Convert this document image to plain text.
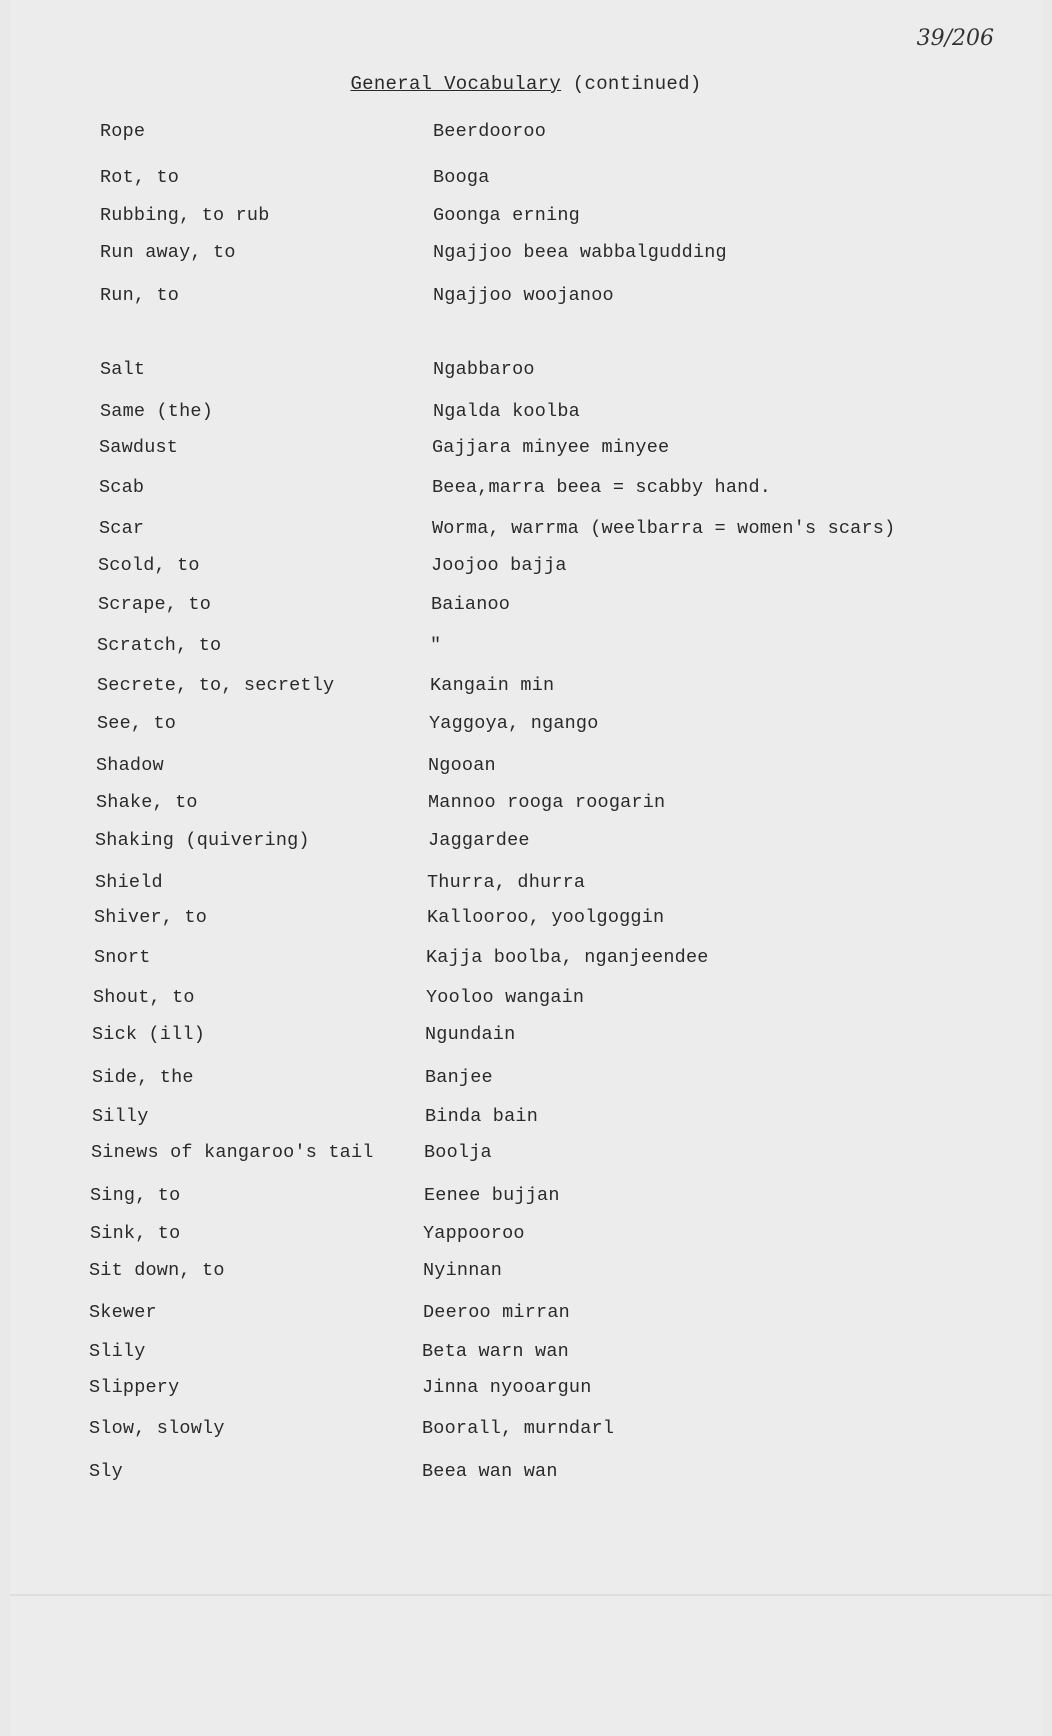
39/206
General Vocabulary (continued)
Rope	Beerdooroo
Rot, to	Booga
Rubbing, to rub	Goonga erning
Run away, to	Ngajjoo beea wabbalgudding
Run, to	Ngajjoo woojanoo
Salt	Ngabbaroo
Same (the)	Ngalda koolba
Sawdust	Gajjara minyee minyee
Scab	Beea,marra beea = scabby hand.
Scar	Worma, warrma (weelbarra = women's scars)
Scold, to	Joojoo bajja
Scrape, to	Baianoo
Scratch, to	"
Secrete, to, secretly	Kangain min
See, to	Yaggoya, ngango
Shadow	Ngooan
Shake, to	Mannoo rooga roogarin
Shaking (quivering)	Jaggardee
Shield	Thurra, dhurra
Shiver, to	Kallooroo, yoolgoggin
Snort	Kajja boolba, nganjeendee
Shout, to	Yooloo wangain
Sick (ill)	Ngundain
Side, the	Banjee
Silly	Binda bain
Sinews of kangaroo's tail	Boolja
Sing, to	Eenee bujjan
Sink, to	Yappooroo
Sit down, to	Nyinnan
Skewer	Deeroo mirran
Slily	Beta warn wan
Slippery	Jinna nyooargun
Slow, slowly	Boorall, murndarl
Sly	Beea wan wan
